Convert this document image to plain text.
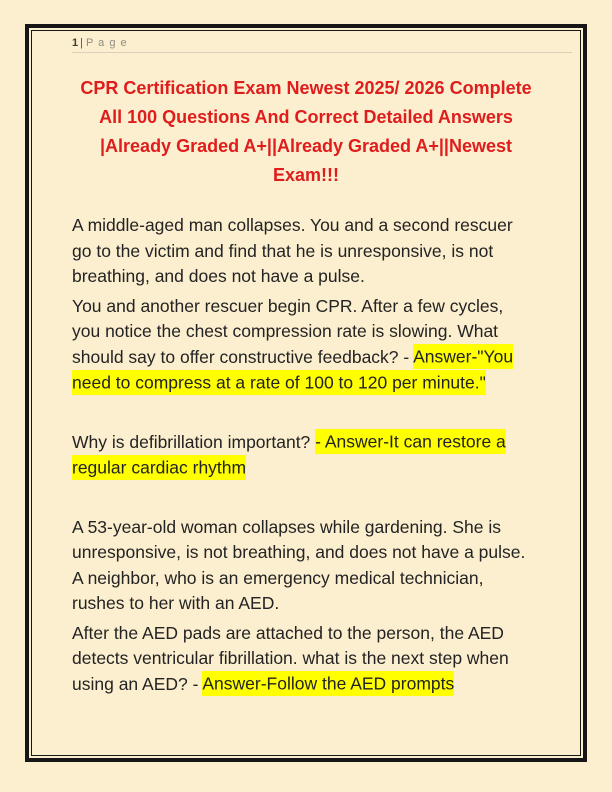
1 | P a g e
CPR Certification Exam Newest 2025/ 2026 Complete All 100 Questions And Correct Detailed Answers |Already Graded A+||Already Graded A+||Newest Exam!!!

A middle-aged man collapses. You and a second rescuer go to the victim and find that he is unresponsive, is not breathing, and does not have a pulse.

You and another rescuer begin CPR. After a few cycles, you notice the chest compression rate is slowing. What should say to offer constructive feedback? - Answer-"You need to compress at a rate of 100 to 120 per minute."

Why is defibrillation important? - Answer-It can restore a regular cardiac rhythm

A 53-year-old woman collapses while gardening. She is unresponsive, is not breathing, and does not have a pulse. A neighbor, who is an emergency medical technician, rushes to her with an AED.

After the AED pads are attached to the person, the AED detects ventricular fibrillation. what is the next step when using an AED? - Answer-Follow the AED prompts
